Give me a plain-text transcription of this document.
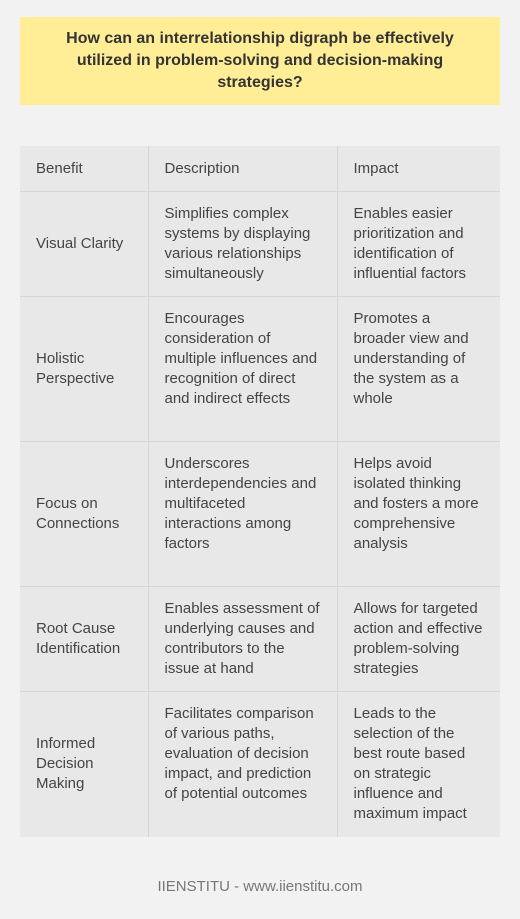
How can an interrelationship digraph be effectively utilized in problem-solving and decision-making strategies?
Benefit	Description	Impact
Visual Clarity	Simplifies complex systems by displaying various relationships simultaneously	Enables easier prioritization and identification of influential factors
Holistic Perspective	Encourages consideration of multiple influences and recognition of direct and indirect effects	Promotes a broader view and understanding of the system as a whole
Focus on Connections	Underscores interdependencies and multifaceted interactions among factors	Helps avoid isolated thinking and fosters a more comprehensive analysis
Root Cause Identification	Enables assessment of underlying causes and contributors to the issue at hand	Allows for targeted action and effective problem-solving strategies
Informed Decision Making	Facilitates comparison of various paths, evaluation of decision impact, and prediction of potential outcomes	Leads to the selection of the best route based on strategic influence and maximum impact
IIENSTITU - www.iienstitu.com
